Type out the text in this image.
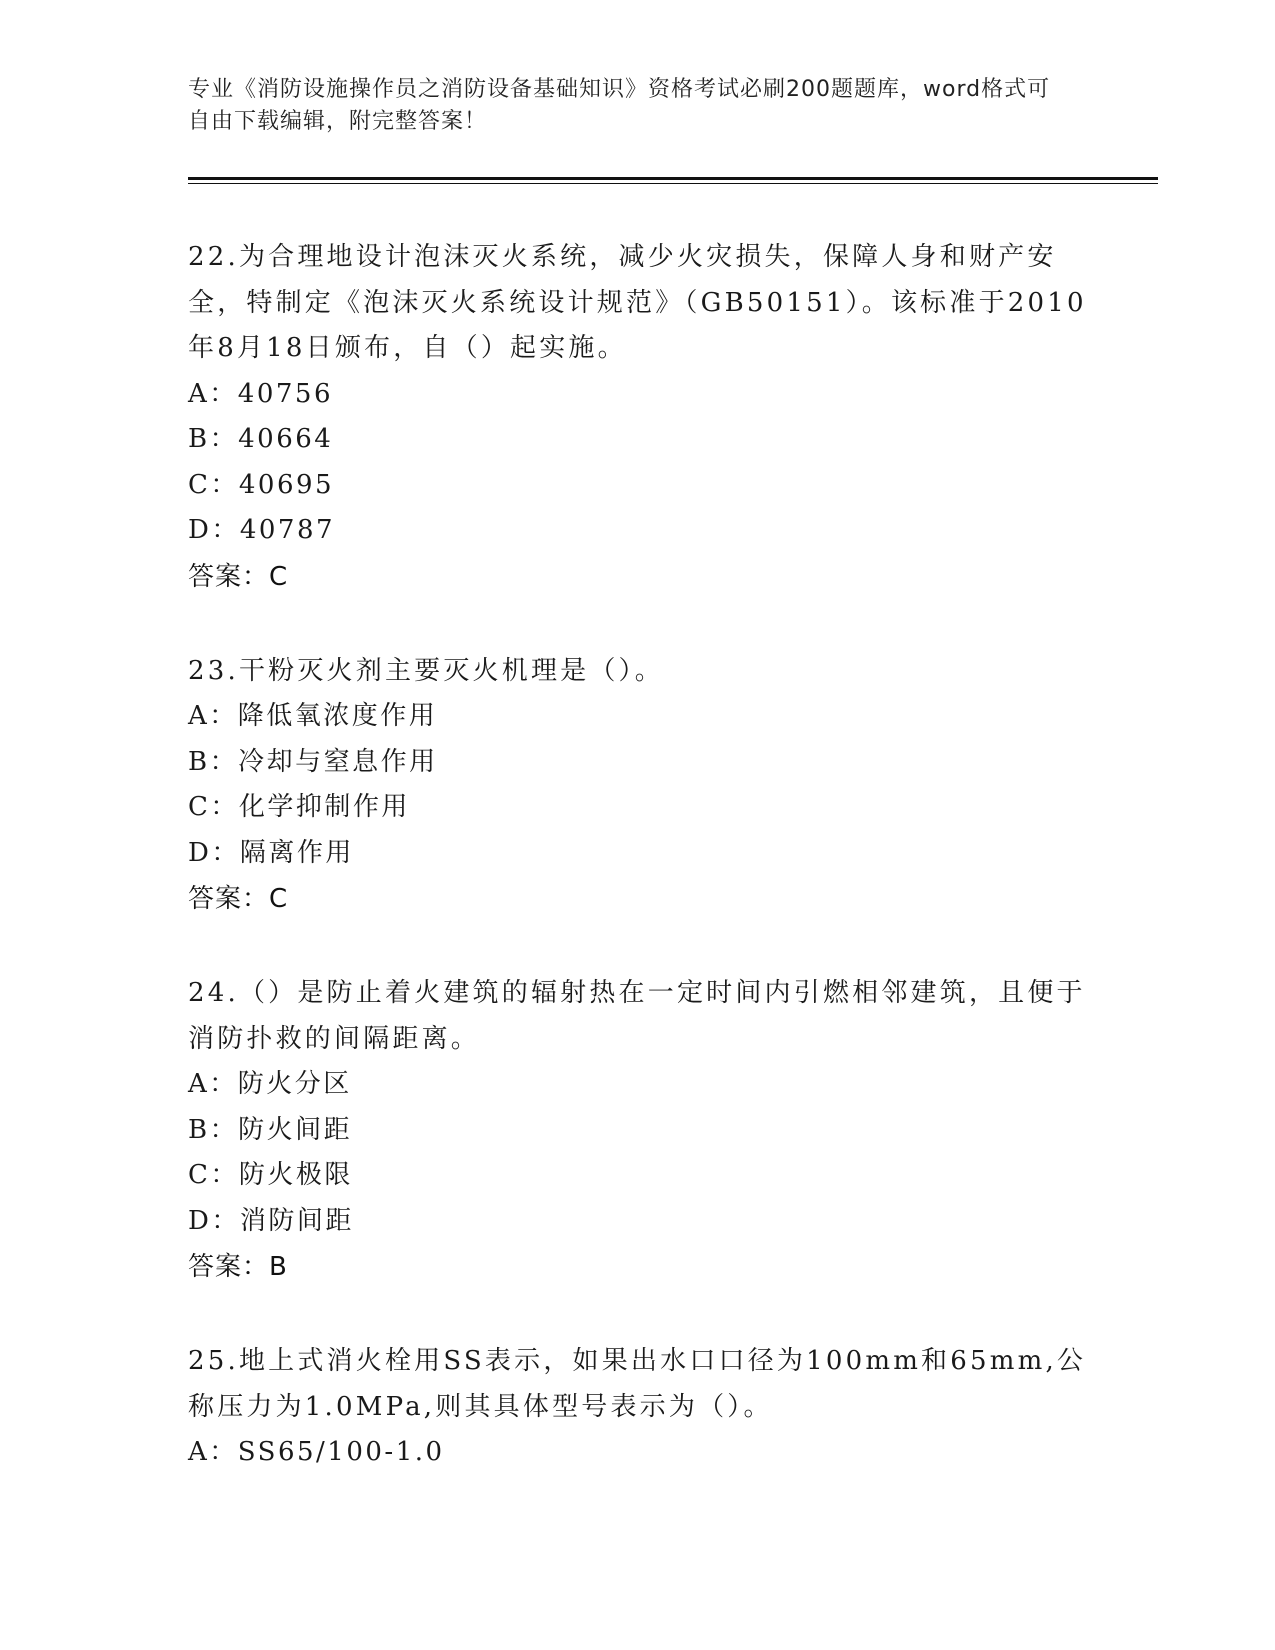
专业《消防设施操作员之消防设备基础知识》资格考试必刷200题题库，word格式可自由下载编辑，附完整答案！

22.为合理地设计泡沫灭火系统，减少火灾损失，保障人身和财产安全，特制定《泡沫灭火系统设计规范》（GB50151）。该标准于2010年8月18日颁布，自（）起实施。

A：40756

B：40664

C：40695

D：40787

答案：C

23.干粉灭火剂主要灭火机理是（）。

A：降低氧浓度作用

B：冷却与窒息作用

C：化学抑制作用

D：隔离作用

答案：C

24.（）是防止着火建筑的辐射热在一定时间内引燃相邻建筑，且便于消防扑救的间隔距离。

A：防火分区

B：防火间距

C：防火极限

D：消防间距

答案：B

25.地上式消火栓用SS表示，如果出水口口径为100mm和65mm,公称压力为1.0MPa,则其具体型号表示为（）。

A：SS65/100-1.0
